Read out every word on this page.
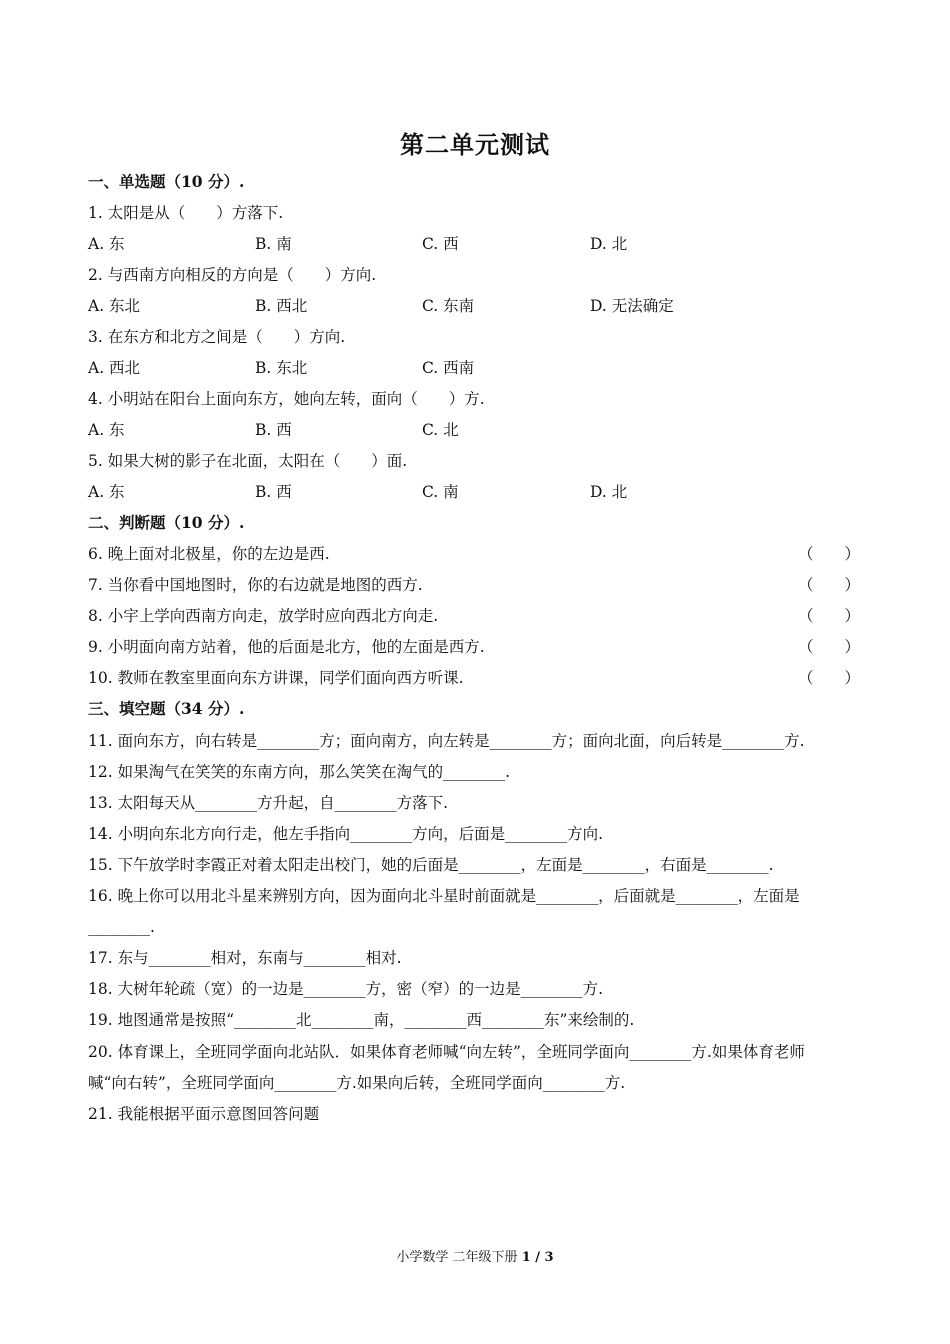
第二单元测试
一、单选题（10 分）.
1. 太阳是从（　　）方落下.
A. 东	B. 南	C. 西	D. 北
2. 与西南方向相反的方向是（　　）方向.
A. 东北	B. 西北	C. 东南	D. 无法确定
3. 在东方和北方之间是（　　）方向.
A. 西北	B. 东北	C. 西南
4. 小明站在阳台上面向东方，她向左转，面向（　　）方.
A. 东	B. 西	C. 北
5. 如果大树的影子在北面，太阳在（　　）面.
A. 东	B. 西	C. 南	D. 北
二、判断题（10 分）.
6. 晚上面对北极星，你的左边是西.	（　　）
7. 当你看中国地图时，你的右边就是地图的西方.	（　　）
8. 小宇上学向西南方向走，放学时应向西北方向走.	（　　）
9. 小明面向南方站着，他的后面是北方，他的左面是西方.	（　　）
10. 教师在教室里面向东方讲课，同学们面向西方听课.	（　　）
三、填空题（34 分）.
11. 面向东方，向右转是________方；面向南方，向左转是________方；面向北面，向后转是________方.
12. 如果淘气在笑笑的东南方向，那么笑笑在淘气的________.
13. 太阳每天从________方升起，自________方落下.
14. 小明向东北方向行走，他左手指向________方向，后面是________方向.
15. 下午放学时李霞正对着太阳走出校门，她的后面是________，左面是________，右面是________.
16. 晚上你可以用北斗星来辨别方向，因为面向北斗星时前面就是________，后面就是________，左面是
________.
17. 东与________相对，东南与________相对.
18. 大树年轮疏（宽）的一边是________方，密（窄）的一边是________方.
19. 地图通常是按照“________北________南，________西________东”来绘制的.
20. 体育课上，全班同学面向北站队．如果体育老师喊“向左转”，全班同学面向________方.如果体育老师
喊“向右转”，全班同学面向________方.如果向后转，全班同学面向________方.
21. 我能根据平面示意图回答问题
小学数学 二年级下册 1 / 3
